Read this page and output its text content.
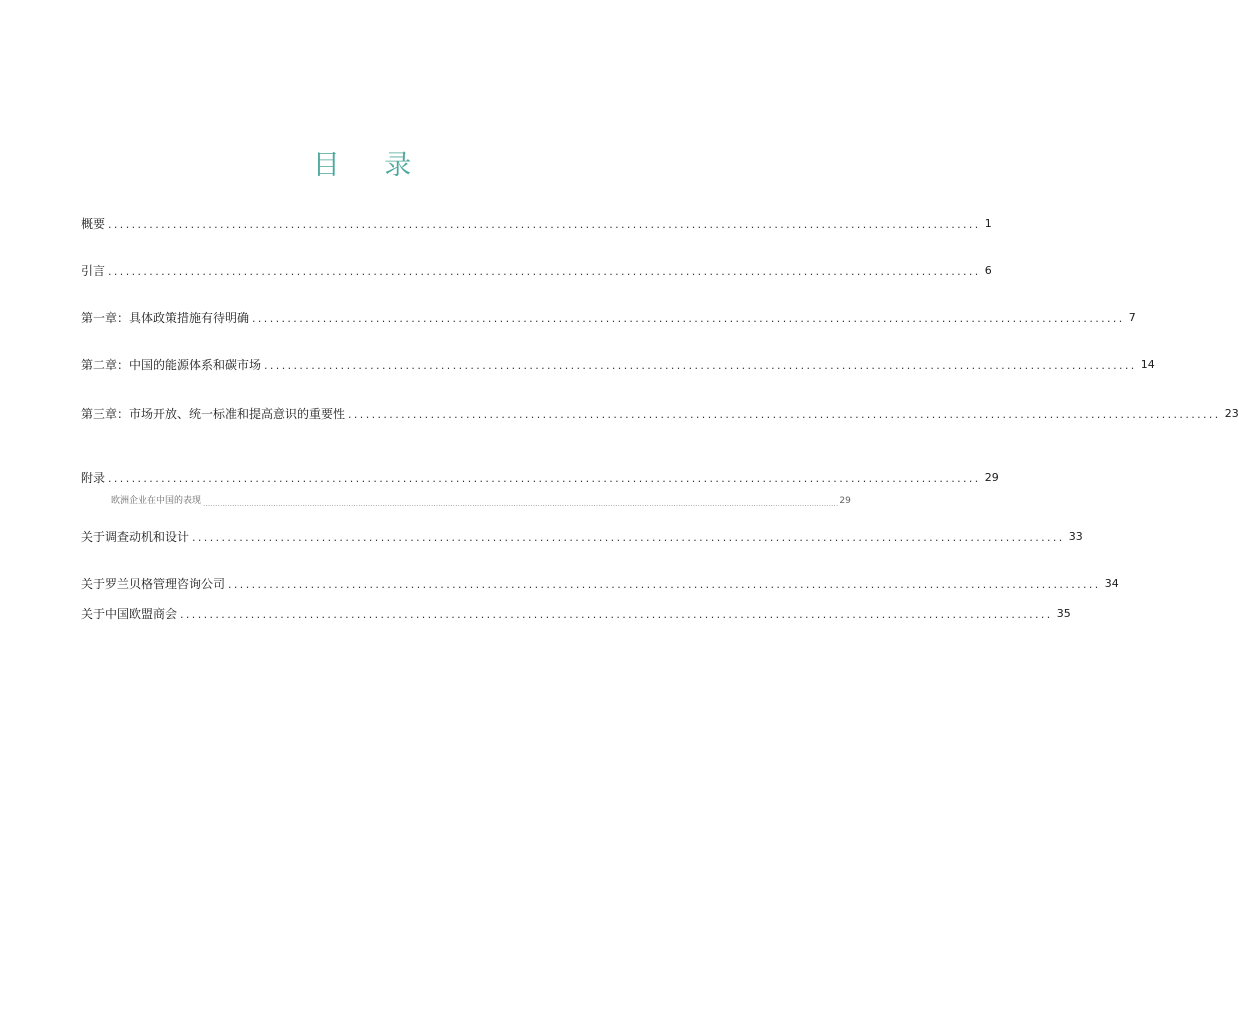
目 录
概要 .................................................................................................................................................... 1
引言 .................................................................................................................................................... 6
第一章：具体政策措施有待明确 .................................................................................................................................................... 7
第二章：中国的能源体系和碳市场 .................................................................................................................................................... 14
第三章：市场开放、统一标准和提高意识的重要性 .................................................................................................................................................... 23
附录 .................................................................................................................................................... 29
欧洲企业在中国的表现 ...................................................................................................................................................................................................................................................................... 29
关于调查动机和设计 .................................................................................................................................................... 33
关于罗兰贝格管理咨询公司 .................................................................................................................................................... 34
关于中国欧盟商会 .................................................................................................................................................... 35
